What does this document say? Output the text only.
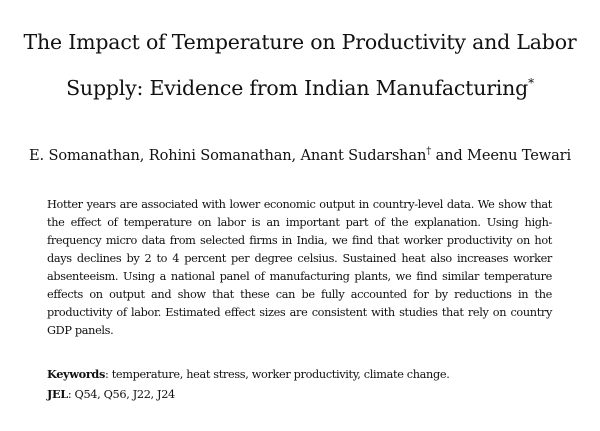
The Impact of Temperature on Productivity and Labor
Supply: Evidence from Indian Manufacturing*
E. Somanathan, Rohini Somanathan, Anant Sudarshan† and Meenu Tewari

Hotter years are associated with lower economic output in country-level data. We show that the effect of temperature on labor is an important part of the explanation. Using high-frequency micro data from selected firms in India, we find that worker productivity on hot days declines by 2 to 4 percent per degree celsius. Sustained heat also increases worker absenteeism. Using a national panel of manufacturing plants, we find similar temperature effects on output and show that these can be fully accounted for by reductions in the productivity of labor. Estimated effect sizes are consistent with studies that rely on country GDP panels.

Keywords: temperature, heat stress, worker productivity, climate change.
JEL: Q54, Q56, J22, J24
